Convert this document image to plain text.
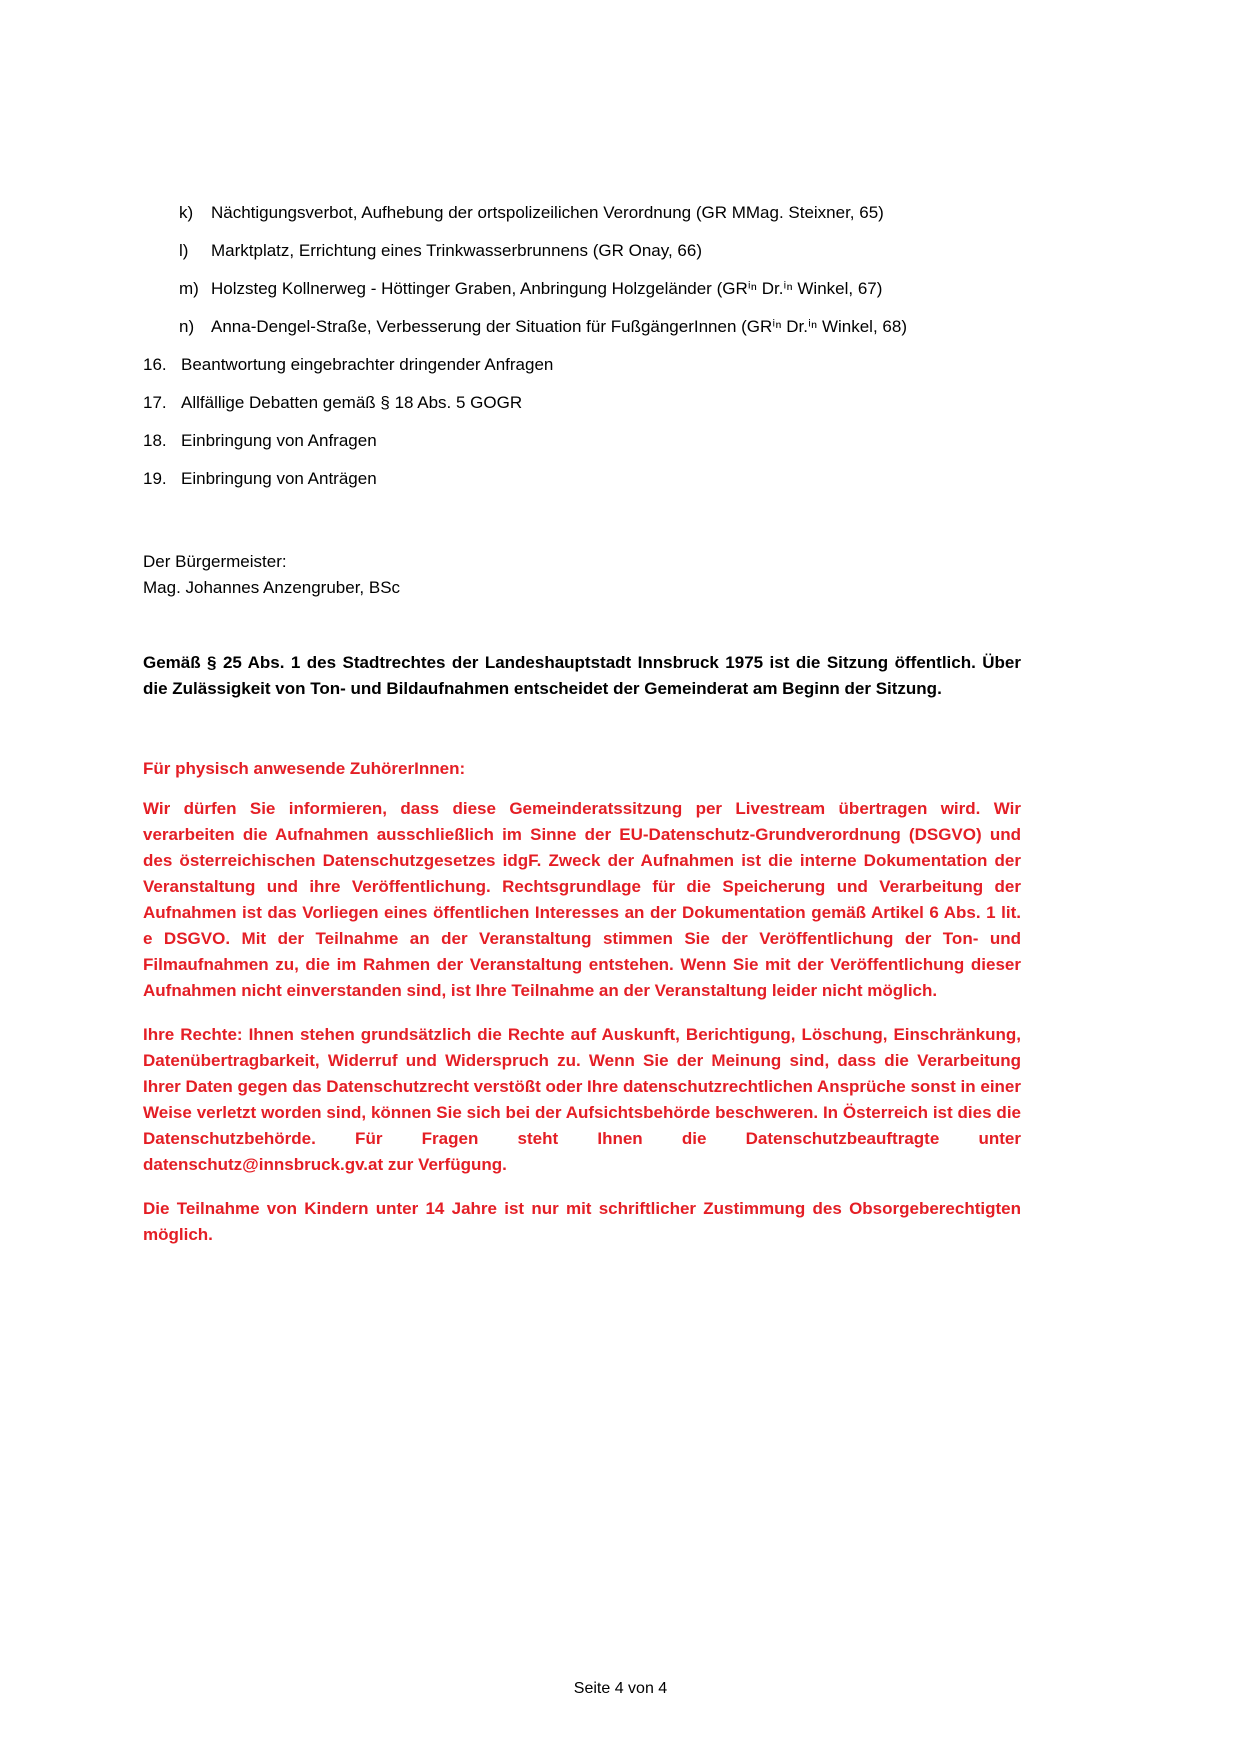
k)	Nächtigungsverbot, Aufhebung der ortspolizeilichen Verordnung (GR MMag. Steixner, 65)
l)	Marktplatz, Errichtung eines Trinkwasserbrunnens (GR Onay, 66)
m) Holzsteg Kollnerweg - Höttinger Graben, Anbringung Holzgeländer (GRⁱⁿ Dr.ⁱⁿ Winkel, 67)
n) Anna-Dengel-Straße, Verbesserung der Situation für FußgängerInnen (GRⁱⁿ Dr.ⁱⁿ Winkel, 68)
16. Beantwortung eingebrachter dringender Anfragen
17. Allfällige Debatten gemäß § 18 Abs. 5 GOGR
18. Einbringung von Anfragen
19. Einbringung von Anträgen
Der Bürgermeister:
Mag. Johannes Anzengruber, BSc

Gemäß § 25 Abs. 1 des Stadtrechtes der Landeshauptstadt Innsbruck 1975 ist die Sitzung öffentlich. Über die Zulässigkeit von Ton- und Bildaufnahmen entscheidet der Gemeinderat am Beginn der Sitzung.

Für physisch anwesende ZuhörerInnen:

Wir dürfen Sie informieren, dass diese Gemeinderatssitzung per Livestream übertragen wird. Wir verarbeiten die Aufnahmen ausschließlich im Sinne der EU-Datenschutz-Grundverordnung (DSGVO) und des österreichischen Datenschutzgesetzes idgF. Zweck der Aufnahmen ist die interne Dokumentation der Veranstaltung und ihre Veröffentlichung. Rechtsgrundlage für die Speicherung und Verarbeitung der Aufnahmen ist das Vorliegen eines öffentlichen Interesses an der Dokumentation gemäß Artikel 6 Abs. 1 lit. e DSGVO. Mit der Teilnahme an der Veranstaltung stimmen Sie der Veröffentlichung der Ton- und Filmaufnahmen zu, die im Rahmen der Veranstaltung entstehen. Wenn Sie mit der Veröffentlichung dieser Aufnahmen nicht einverstanden sind, ist Ihre Teilnahme an der Veranstaltung leider nicht möglich.

Ihre Rechte: Ihnen stehen grundsätzlich die Rechte auf Auskunft, Berichtigung, Löschung, Einschränkung, Datenübertragbarkeit, Widerruf und Widerspruch zu. Wenn Sie der Meinung sind, dass die Verarbeitung Ihrer Daten gegen das Datenschutzrecht verstößt oder Ihre datenschutzrechtlichen Ansprüche sonst in einer Weise verletzt worden sind, können Sie sich bei der Aufsichtsbehörde beschweren. In Österreich ist dies die Datenschutzbehörde. Für Fragen steht Ihnen die Datenschutzbeauftragte unter datenschutz@innsbruck.gv.at zur Verfügung.

Die Teilnahme von Kindern unter 14 Jahre ist nur mit schriftlicher Zustimmung des Obsorgeberechtigten möglich.

Seite 4 von 4
